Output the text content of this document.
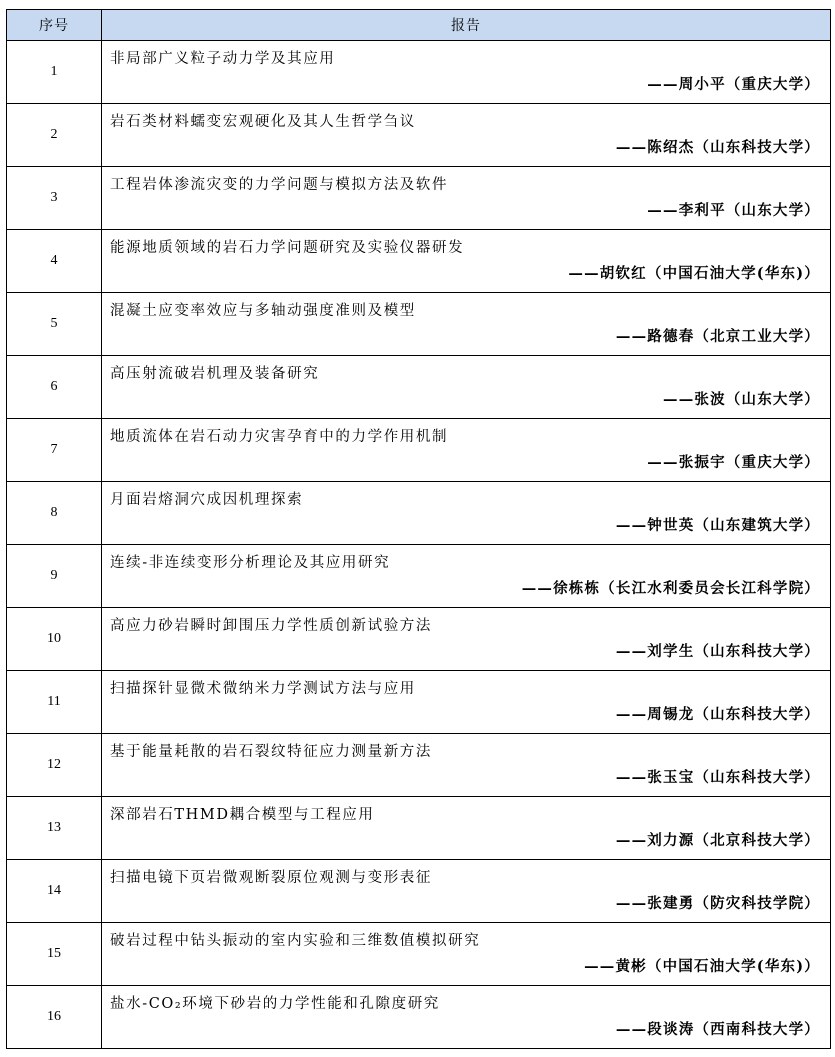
序号	报告
1	非局部广义粒子动力学及其应用
——周小平（重庆大学）

2	岩石类材料蠕变宏观硬化及其人生哲学刍议
——陈绍杰（山东科技大学）

3	工程岩体渗流灾变的力学问题与模拟方法及软件
——李利平（山东大学）

4	能源地质领域的岩石力学问题研究及实验仪器研发
——胡钦红（中国石油大学(华东)）

5	混凝土应变率效应与多轴动强度准则及模型
——路德春（北京工业大学）

6	高压射流破岩机理及装备研究
——张波（山东大学）

7	地质流体在岩石动力灾害孕育中的力学作用机制
——张振宇（重庆大学）

8	月面岩熔洞穴成因机理探索
——钟世英（山东建筑大学）

9	连续-非连续变形分析理论及其应用研究
——徐栋栋（长江水利委员会长江科学院）

10	高应力砂岩瞬时卸围压力学性质创新试验方法
——刘学生（山东科技大学）

11	扫描探针显微术微纳米力学测试方法与应用
——周锡龙（山东科技大学）

12	基于能量耗散的岩石裂纹特征应力测量新方法
——张玉宝（山东科技大学）

13	深部岩石THMD耦合模型与工程应用
——刘力源（北京科技大学）

14	扫描电镜下页岩微观断裂原位观测与变形表征
——张建勇（防灾科技学院）

15	破岩过程中钻头振动的室内实验和三维数值模拟研究
——黄彬（中国石油大学(华东)）

16	盐水-CO₂环境下砂岩的力学性能和孔隙度研究
——段谈涛（西南科技大学）
